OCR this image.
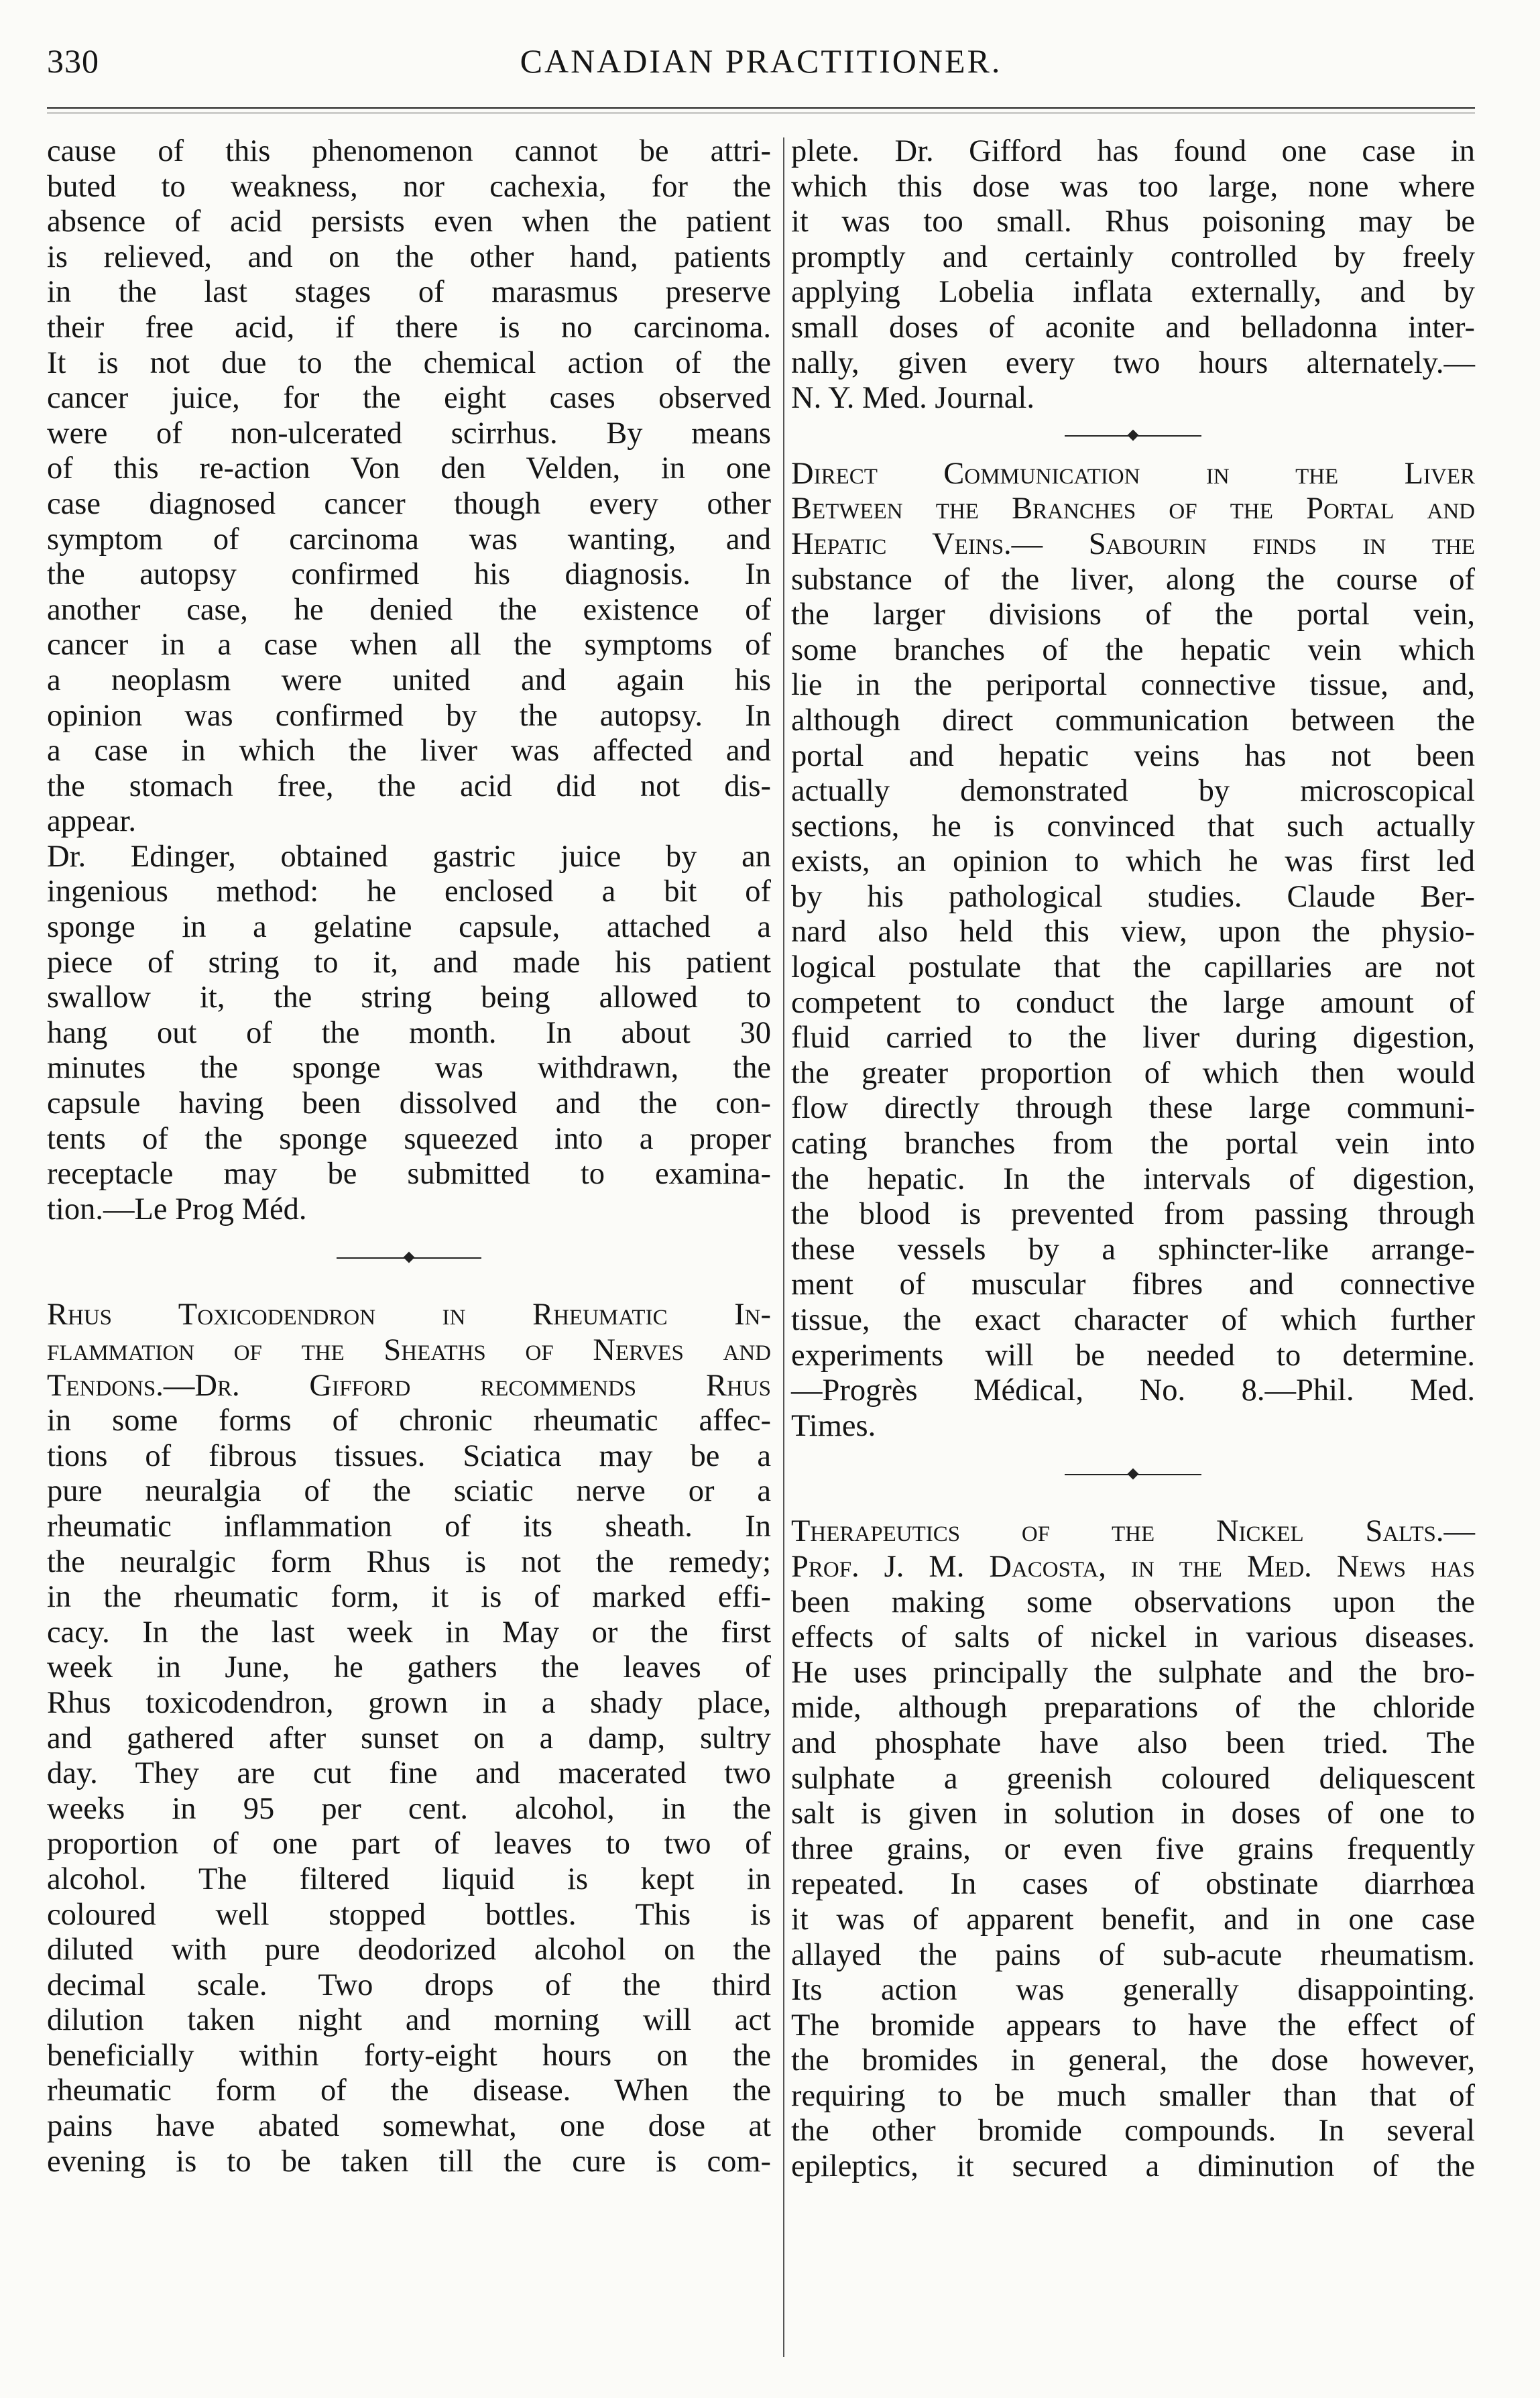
330	CANADIAN PRACTITIONER.
cause of this phenomenon cannot be attri-
buted to weakness, nor cachexia, for the
absence of acid persists even when the patient
is relieved, and on the other hand, patients
in the last stages of marasmus preserve
their free acid, if there is no carcinoma.
It is not due to the chemical action of the
cancer juice, for the eight cases observed
were of non-ulcerated scirrhus. By means
of this re-action Von den Velden, in one
case diagnosed cancer though every other
symptom of carcinoma was wanting, and
the autopsy confirmed his diagnosis. In
another case, he denied the existence of
cancer in a case when all the symptoms of
a neoplasm were united and again his
opinion was confirmed by the autopsy. In
a case in which the liver was affected and
the stomach free, the acid did not dis-
appear.
Dr. Edinger, obtained gastric juice by an
ingenious method: he enclosed a bit of
sponge in a gelatine capsule, attached a
piece of string to it, and made his patient
swallow it, the string being allowed to
hang out of the month. In about 30
minutes the sponge was withdrawn, the
capsule having been dissolved and the con-
tents of the sponge squeezed into a proper
receptacle may be submitted to examina-
tion.—Le Prog Méd.
Rhus Toxicodendron in Rheumatic In-
flammation of the Sheaths of Nerves and
Tendons.—Dr. Gifford recommends Rhus
in some forms of chronic rheumatic affec-
tions of fibrous tissues. Sciatica may be a
pure neuralgia of the sciatic nerve or a
rheumatic inflammation of its sheath. In
the neuralgic form Rhus is not the remedy;
in the rheumatic form, it is of marked effi-
cacy. In the last week in May or the first
week in June, he gathers the leaves of
Rhus toxicodendron, grown in a shady place,
and gathered after sunset on a damp, sultry
day. They are cut fine and macerated two
weeks in 95 per cent. alcohol, in the
proportion of one part of leaves to two of
alcohol. The filtered liquid is kept in
coloured well stopped bottles. This is
diluted with pure deodorized alcohol on the
decimal scale. Two drops of the third
dilution taken night and morning will act
beneficially within forty-eight hours on the
rheumatic form of the disease. When the
pains have abated somewhat, one dose at
evening is to be taken till the cure is com-
plete. Dr. Gifford has found one case in
which this dose was too large, none where
it was too small. Rhus poisoning may be
promptly and certainly controlled by freely
applying Lobelia inflata externally, and by
small doses of aconite and belladonna inter-
nally, given every two hours alternately.—
N. Y. Med. Journal.
Direct Communication in the Liver
Between the Branches of the Portal and
Hepatic Veins.— Sabourin finds in the
substance of the liver, along the course of
the larger divisions of the portal vein,
some branches of the hepatic vein which
lie in the periportal connective tissue, and,
although direct communication between the
portal and hepatic veins has not been
actually demonstrated by microscopical
sections, he is convinced that such actually
exists, an opinion to which he was first led
by his pathological studies. Claude Ber-
nard also held this view, upon the physio-
logical postulate that the capillaries are not
competent to conduct the large amount of
fluid carried to the liver during digestion,
the greater proportion of which then would
flow directly through these large communi-
cating branches from the portal vein into
the hepatic. In the intervals of digestion,
the blood is prevented from passing through
these vessels by a sphincter-like arrange-
ment of muscular fibres and connective
tissue, the exact character of which further
experiments will be needed to determine.
—Progrès Médical, No. 8.—Phil. Med.
Times.
Therapeutics of the Nickel Salts.—
Prof. J. M. Dacosta, in the Med. News has
been making some observations upon the
effects of salts of nickel in various diseases.
He uses principally the sulphate and the bro-
mide, although preparations of the chloride
and phosphate have also been tried. The
sulphate a greenish coloured deliquescent
salt is given in solution in doses of one to
three grains, or even five grains frequently
repeated. In cases of obstinate diarrhœa
it was of apparent benefit, and in one case
allayed the pains of sub-acute rheumatism.
Its action was generally disappointing.
The bromide appears to have the effect of
the bromides in general, the dose however,
requiring to be much smaller than that of
the other bromide compounds. In several
epileptics, it secured a diminution of the
